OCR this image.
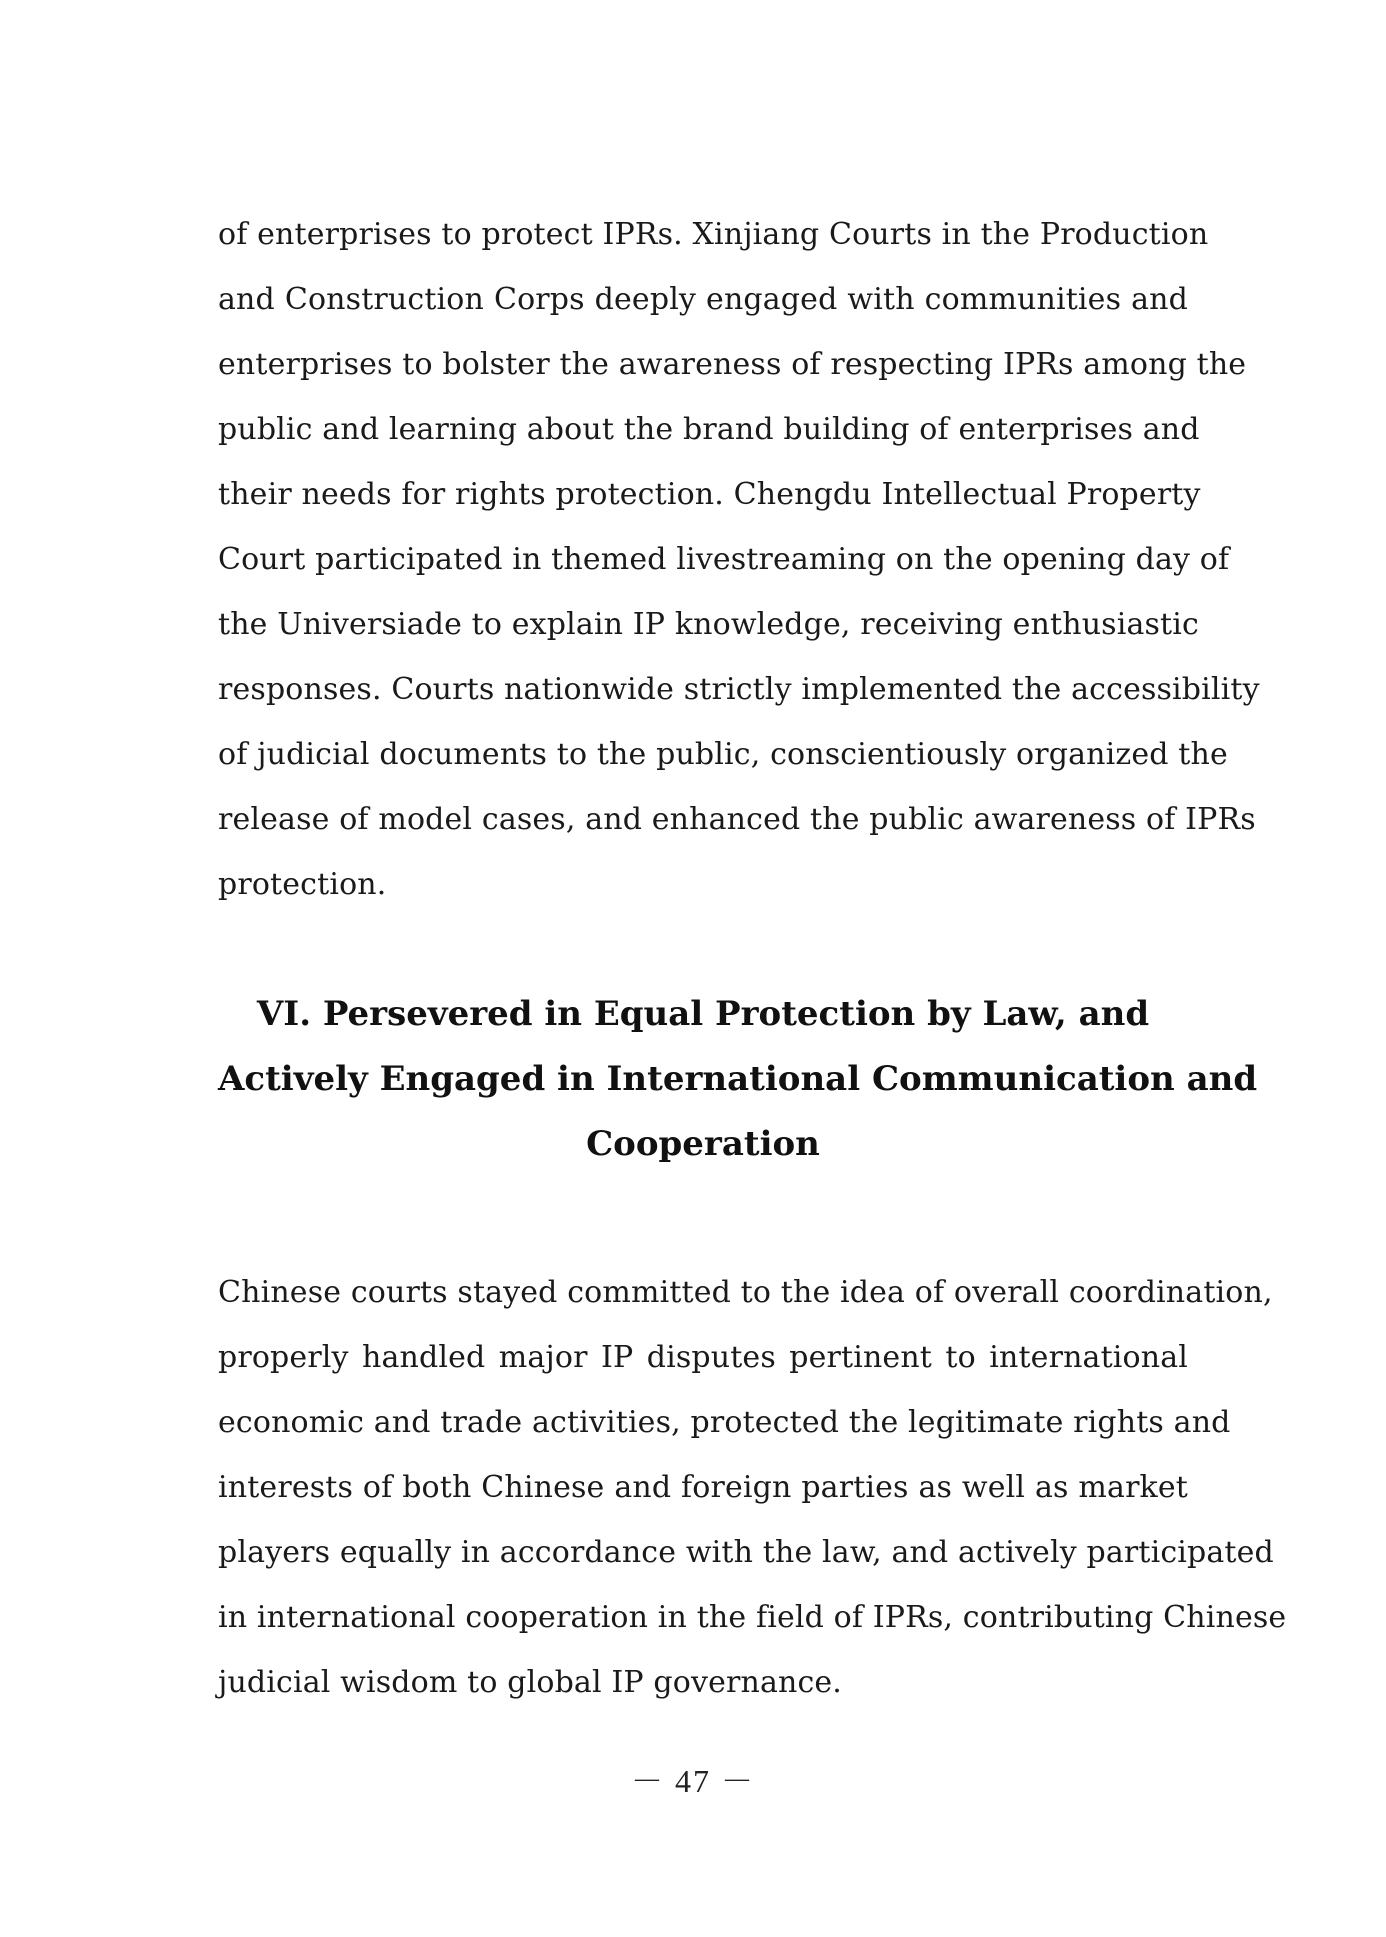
of enterprises to protect IPRs. Xinjiang Courts in the Production
and Construction Corps deeply engaged with communities and
enterprises to bolster the awareness of respecting IPRs among the
public and learning about the brand building of enterprises and
their needs for rights protection. Chengdu Intellectual Property
Court participated in themed livestreaming on the opening day of
the Universiade to explain IP knowledge, receiving enthusiastic
responses. Courts nationwide strictly implemented the accessibility
of judicial documents to the public, conscientiously organized the
release of model cases, and enhanced the public awareness of IPRs
protection.
VI. Persevered in Equal Protection by Law, and
Actively Engaged in International Communication and
Cooperation
Chinese courts stayed committed to the idea of overall coordination,
properly handled major IP disputes pertinent to international
economic and trade activities, protected the legitimate rights and
interests of both Chinese and foreign parties as well as market
players equally in accordance with the law, and actively participated
in international cooperation in the field of IPRs, contributing Chinese
judicial wisdom to global IP governance.
－ 47 －
